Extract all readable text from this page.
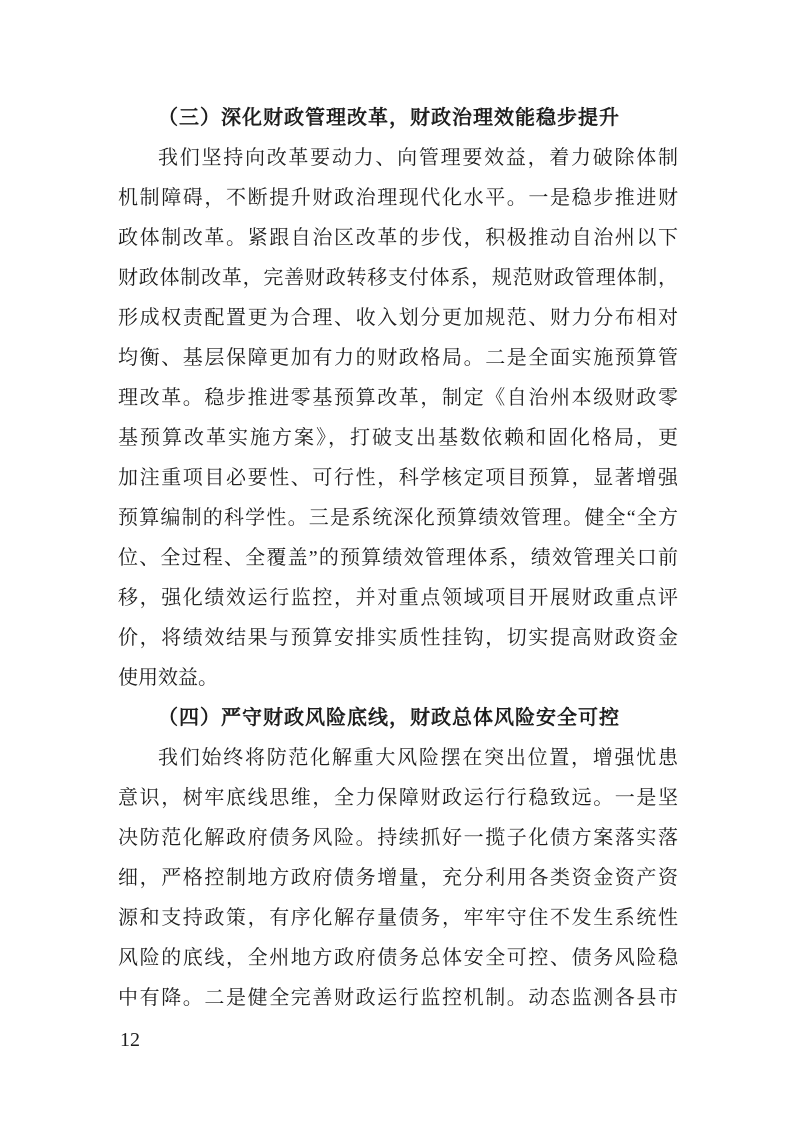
（三）深化财政管理改革，财政治理效能稳步提升
我们坚持向改革要动力、向管理要效益，着力破除体制
机制障碍，不断提升财政治理现代化水平。一是稳步推进财
政体制改革。紧跟自治区改革的步伐，积极推动自治州以下
财政体制改革，完善财政转移支付体系，规范财政管理体制，
形成权责配置更为合理、收入划分更加规范、财力分布相对
均衡、基层保障更加有力的财政格局。二是全面实施预算管
理改革。稳步推进零基预算改革，制定《自治州本级财政零
基预算改革实施方案》，打破支出基数依赖和固化格局，更
加注重项目必要性、可行性，科学核定项目预算，显著增强
预算编制的科学性。三是系统深化预算绩效管理。健全“全方
位、全过程、全覆盖”的预算绩效管理体系，绩效管理关口前
移，强化绩效运行监控，并对重点领域项目开展财政重点评
价，将绩效结果与预算安排实质性挂钩，切实提高财政资金
使用效益。
（四）严守财政风险底线，财政总体风险安全可控
我们始终将防范化解重大风险摆在突出位置，增强忧患
意识，树牢底线思维，全力保障财政运行行稳致远。一是坚
决防范化解政府债务风险。持续抓好一揽子化债方案落实落
细，严格控制地方政府债务增量，充分利用各类资金资产资
源和支持政策，有序化解存量债务，牢牢守住不发生系统性
风险的底线，全州地方政府债务总体安全可控、债务风险稳
中有降。二是健全完善财政运行监控机制。动态监测各县市
12
